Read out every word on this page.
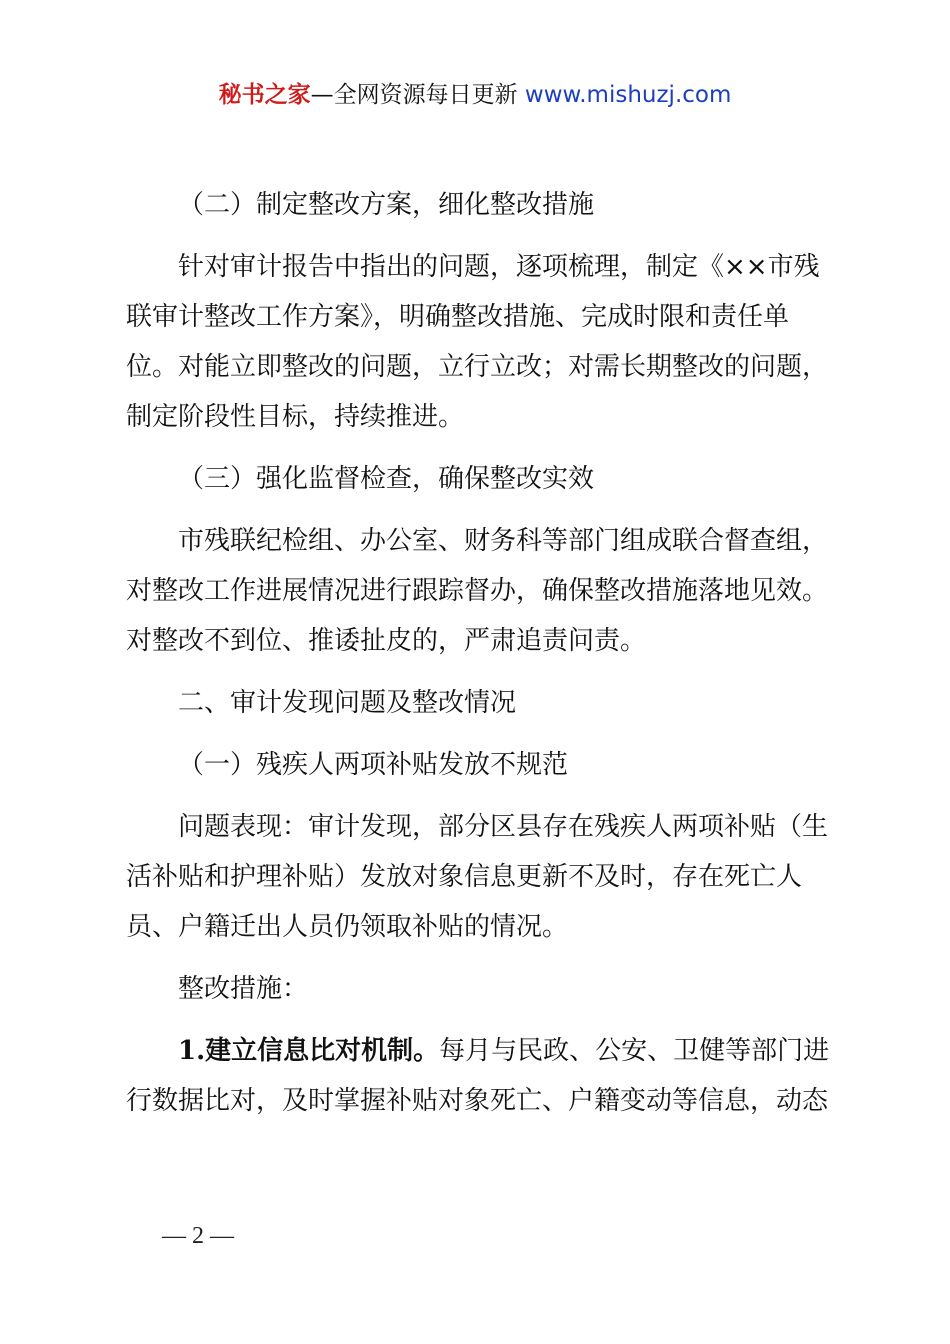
秘书之家—全网资源每日更新 www.mishuzj.com

（二）制定整改方案，细化整改措施

针对审计报告中指出的问题，逐项梳理，制定《××市残联审计整改工作方案》，明确整改措施、完成时限和责任单位。对能立即整改的问题，立行立改；对需长期整改的问题，制定阶段性目标，持续推进。

（三）强化监督检查，确保整改实效

市残联纪检组、办公室、财务科等部门组成联合督查组，对整改工作进展情况进行跟踪督办，确保整改措施落地见效。对整改不到位、推诿扯皮的，严肃追责问责。

二、审计发现问题及整改情况

（一）残疾人两项补贴发放不规范

问题表现：审计发现，部分区县存在残疾人两项补贴（生活补贴和护理补贴）发放对象信息更新不及时，存在死亡人员、户籍迁出人员仍领取补贴的情况。

整改措施：

1.建立信息比对机制。每月与民政、公安、卫健等部门进行数据比对，及时掌握补贴对象死亡、户籍变动等信息，动态

— 2 —
